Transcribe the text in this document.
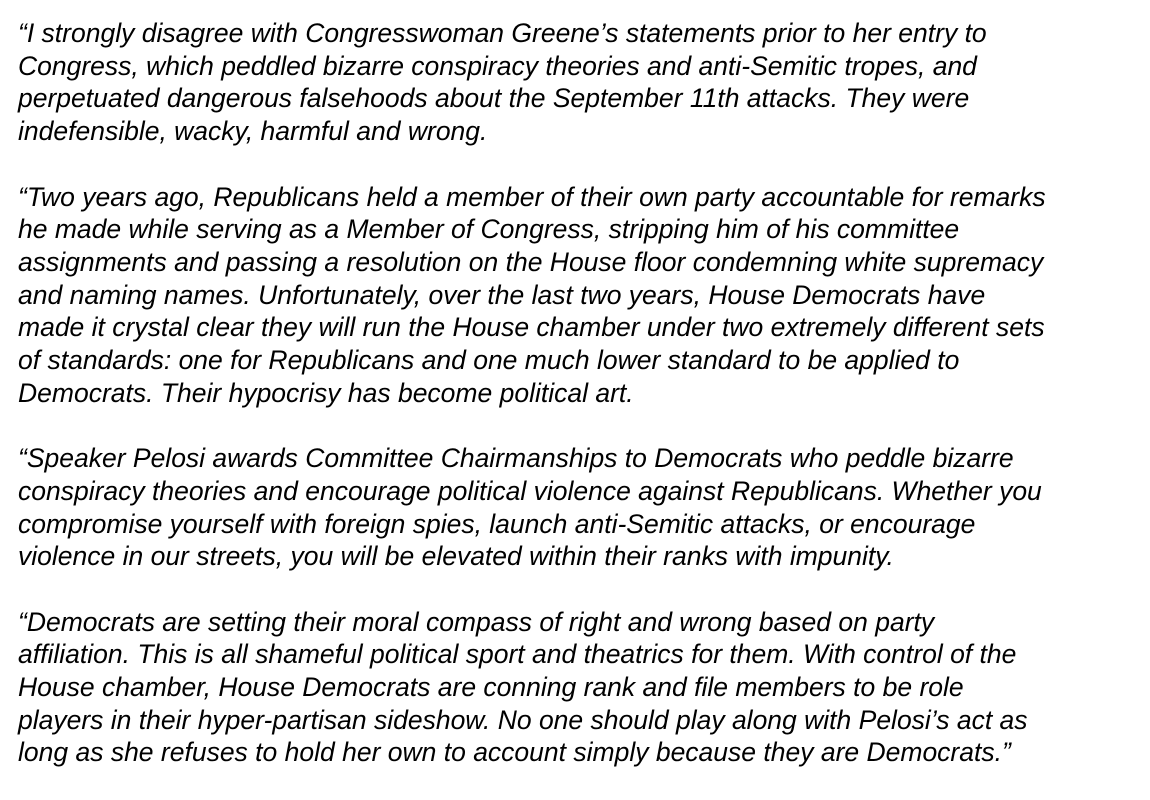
“I strongly disagree with Congresswoman Greene’s statements prior to her entry to
Congress, which peddled bizarre conspiracy theories and anti-Semitic tropes, and
perpetuated dangerous falsehoods about the September 11th attacks. They were
indefensible, wacky, harmful and wrong.

“Two years ago, Republicans held a member of their own party accountable for remarks
he made while serving as a Member of Congress, stripping him of his committee
assignments and passing a resolution on the House floor condemning white supremacy
and naming names. Unfortunately, over the last two years, House Democrats have
made it crystal clear they will run the House chamber under two extremely different sets
of standards: one for Republicans and one much lower standard to be applied to
Democrats. Their hypocrisy has become political art.

“Speaker Pelosi awards Committee Chairmanships to Democrats who peddle bizarre
conspiracy theories and encourage political violence against Republicans. Whether you
compromise yourself with foreign spies, launch anti-Semitic attacks, or encourage
violence in our streets, you will be elevated within their ranks with impunity.

“Democrats are setting their moral compass of right and wrong based on party
affiliation. This is all shameful political sport and theatrics for them. With control of the
House chamber, House Democrats are conning rank and file members to be role
players in their hyper-partisan sideshow. No one should play along with Pelosi’s act as
long as she refuses to hold her own to account simply because they are Democrats.”
